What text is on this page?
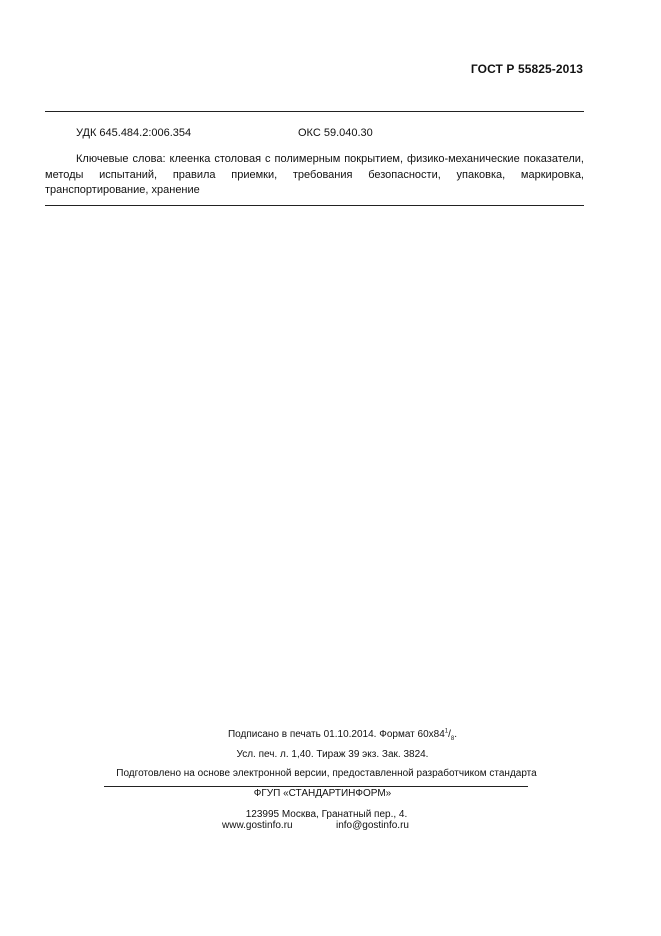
ГОСТ Р 55825-2013
УДК 645.484.2:006.354	ОКС 59.040.30
Ключевые слова: клеенка столовая с полимерным покрытием, физико-механические показатели, методы испытаний, правила приемки, требования безопасности, упаковка, маркировка, транспортирование, хранение
Подписано в печать 01.10.2014. Формат $60х84^1/_8$.
Усл. печ. л. 1,40. Тираж 39 экз. Зак. 3824.
Подготовлено на основе электронной версии, предоставленной разработчиком стандарта
ФГУП «СТАНДАРТИНФОРМ»
123995 Москва, Гранатный пер., 4.
www.gostinfo.ru	info@gostinfo.ru
